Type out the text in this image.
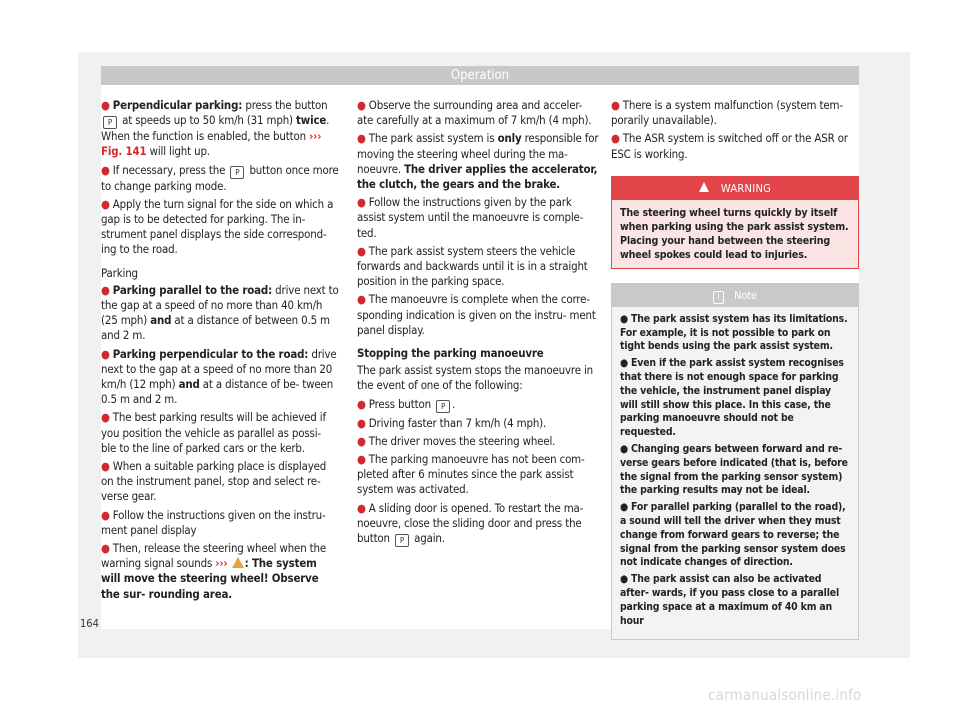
Operation

● Perpendicular parking: press the button P at speeds up to 50 km/h (31 mph) twice. When the function is enabled, the button ››› Fig. 141 will light up.

● If necessary, press the P button once more to change parking mode.

● Apply the turn signal for the side on which a gap is to be detected for parking. The in- strument panel displays the side correspond- ing to the road.

Parking

● Parking parallel to the road: drive next to the gap at a speed of no more than 40 km/h (25 mph) and at a distance of between 0.5 m and 2 m.

● Parking perpendicular to the road: drive next to the gap at a speed of no more than 20 km/h (12 mph) and at a distance of be- tween 0.5 m and 2 m.

● The best parking results will be achieved if you position the vehicle as parallel as possi- ble to the line of parked cars or the kerb.

● When a suitable parking place is displayed on the instrument panel, stop and select re- verse gear.

● Follow the instructions given on the instru- ment panel display

● Then, release the steering wheel when the warning signal sounds ››› : The system will move the steering wheel! Observe the sur- rounding area.

● Observe the surrounding area and acceler- ate carefully at a maximum of 7 km/h (4 mph).

● The park assist system is only responsible for moving the steering wheel during the ma- noeuvre. The driver applies the accelerator, the clutch, the gears and the brake.

● Follow the instructions given by the park assist system until the manoeuvre is comple- ted.

● The park assist system steers the vehicle forwards and backwards until it is in a straight position in the parking space.

● The manoeuvre is complete when the corre- sponding indication is given on the instru- ment panel display.

Stopping the parking manoeuvre

The park assist system stops the manoeuvre in the event of one of the following:

● Press button P .

● Driving faster than 7 km/h (4 mph).

● The driver moves the steering wheel.

● The parking manoeuvre has not been com- pleted after 6 minutes since the park assist system was activated.

● A sliding door is opened. To restart the ma- noeuvre, close the sliding door and press the button P again.

● There is a system malfunction (system tem- porarily unavailable).

● The ASR system is switched off or the ASR or ESC is working.

WARNING
The steering wheel turns quickly by itself when parking using the park assist system. Placing your hand between the steering wheel spokes could lead to injuries.
i Note

● The park assist system has its limitations. For example, it is not possible to park on tight bends using the park assist system.

● Even if the park assist system recognises that there is not enough space for parking the vehicle, the instrument panel display will still show this place. In this case, the parking manoeuvre should not be requested.

● Changing gears between forward and re- verse gears before indicated (that is, before the signal from the parking sensor system) the parking results may not be ideal.

● For parallel parking (parallel to the road), a sound will tell the driver when they must change from forward gears to reverse; the signal from the parking sensor system does not indicate changes of direction.

● The park assist can also be activated after- wards, if you pass close to a parallel parking space at a maximum of 40 km an hour

164
carmanualsonline.info
